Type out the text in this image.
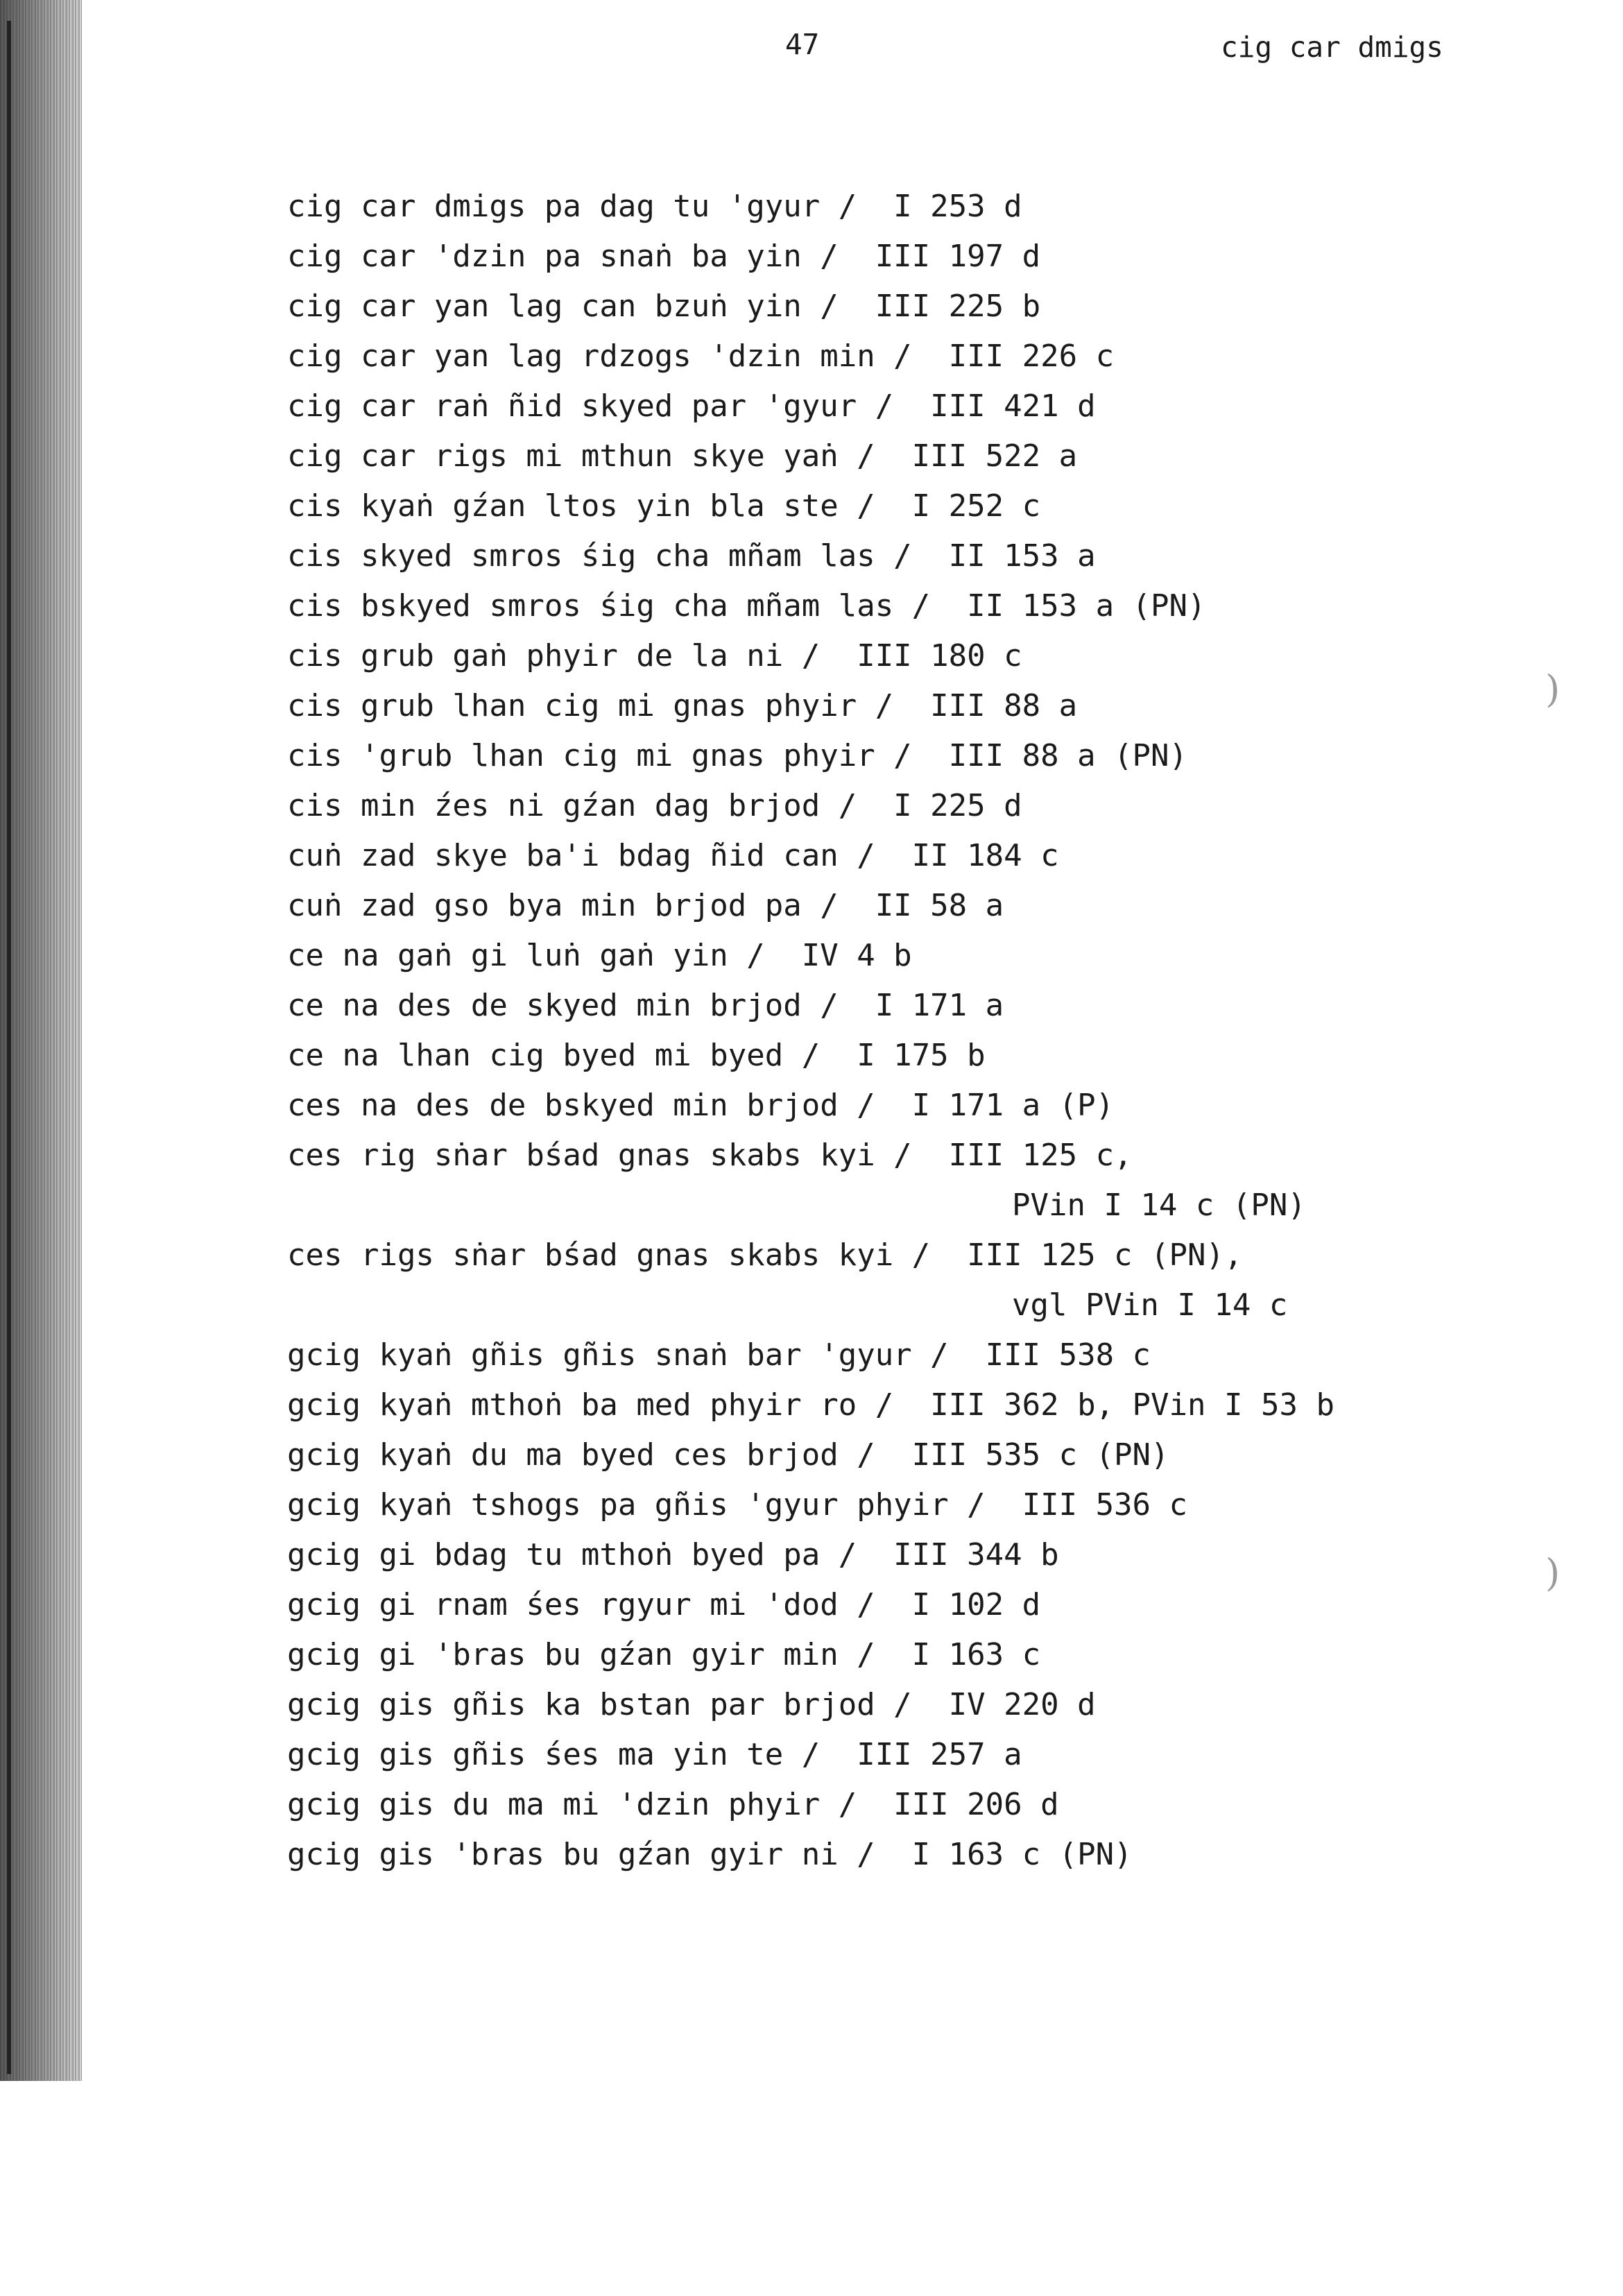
47	cig car dmigs

cig car dmigs pa dag tu 'gyur /  I 253 d
cig car 'dzin pa snaṅ ba yin /  III 197 d
cig car yan lag can bzuṅ yin /  III 225 b
cig car yan lag rdzogs 'dzin min /  III 226 c
cig car raṅ ñid skyed par 'gyur /  III 421 d
cig car rigs mi mthun skye yaṅ /  III 522 a
cis kyaṅ gźan ltos yin bla ste /  I 252 c
cis skyed smros śig cha mñam las /  II 153 a
cis bskyed smros śig cha mñam las /  II 153 a (PN)
cis grub gaṅ phyir de la ni /  III 180 c
cis grub lhan cig mi gnas phyir /  III 88 a
cis 'grub lhan cig mi gnas phyir /  III 88 a (PN)
cis min źes ni gźan dag brjod /  I 225 d
cuṅ zad skye ba'i bdag ñid can /  II 184 c
cuṅ zad gso bya min brjod pa /  II 58 a
ce na gaṅ gi luṅ gaṅ yin /  IV 4 b
ce na des de skyed min brjod /  I 171 a
ce na lhan cig byed mi byed /  I 175 b
ces na des de bskyed min brjod /  I 171 a (P)
ces rig sṅar bśad gnas skabs kyi /  III 125 c,
PVin I 14 c (PN)
ces rigs sṅar bśad gnas skabs kyi /  III 125 c (PN),
vgl PVin I 14 c
gcig kyaṅ gñis gñis snaṅ bar 'gyur /  III 538 c
gcig kyaṅ mthoṅ ba med phyir ro /  III 362 b, PVin I 53 b
gcig kyaṅ du ma byed ces brjod /  III 535 c (PN)
gcig kyaṅ tshogs pa gñis 'gyur phyir /  III 536 c
gcig gi bdag tu mthoṅ byed pa /  III 344 b
gcig gi rnam śes rgyur mi 'dod /  I 102 d
gcig gi 'bras bu gźan gyir min /  I 163 c
gcig gis gñis ka bstan par brjod /  IV 220 d
gcig gis gñis śes ma yin te /  III 257 a
gcig gis du ma mi 'dzin phyir /  III 206 d
gcig gis 'bras bu gźan gyir ni /  I 163 c (PN)
)
)
